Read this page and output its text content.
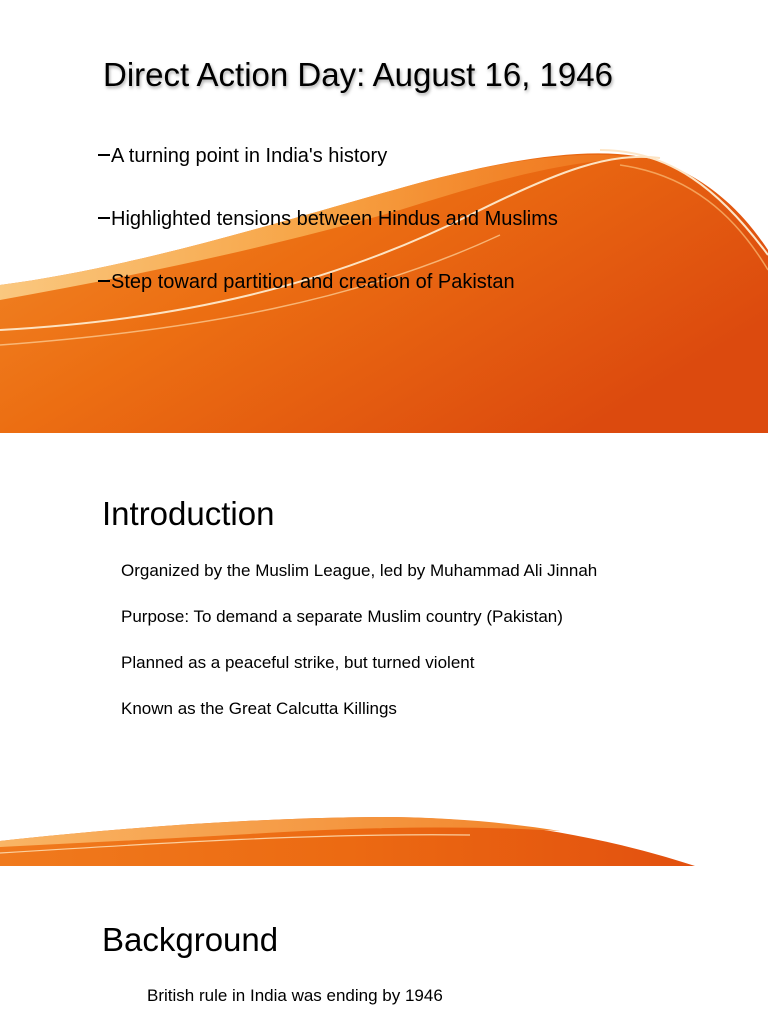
Direct Action Day: August 16, 1946
A turning point in India's history
Highlighted tensions between Hindus and Muslims
Step toward partition and creation of Pakistan
Introduction
Organized by the Muslim League, led by Muhammad Ali Jinnah
Purpose: To demand a separate Muslim country (Pakistan)
Planned as a peaceful strike, but turned violent
Known as the Great Calcutta Killings
Background
British rule in India was ending by 1946
